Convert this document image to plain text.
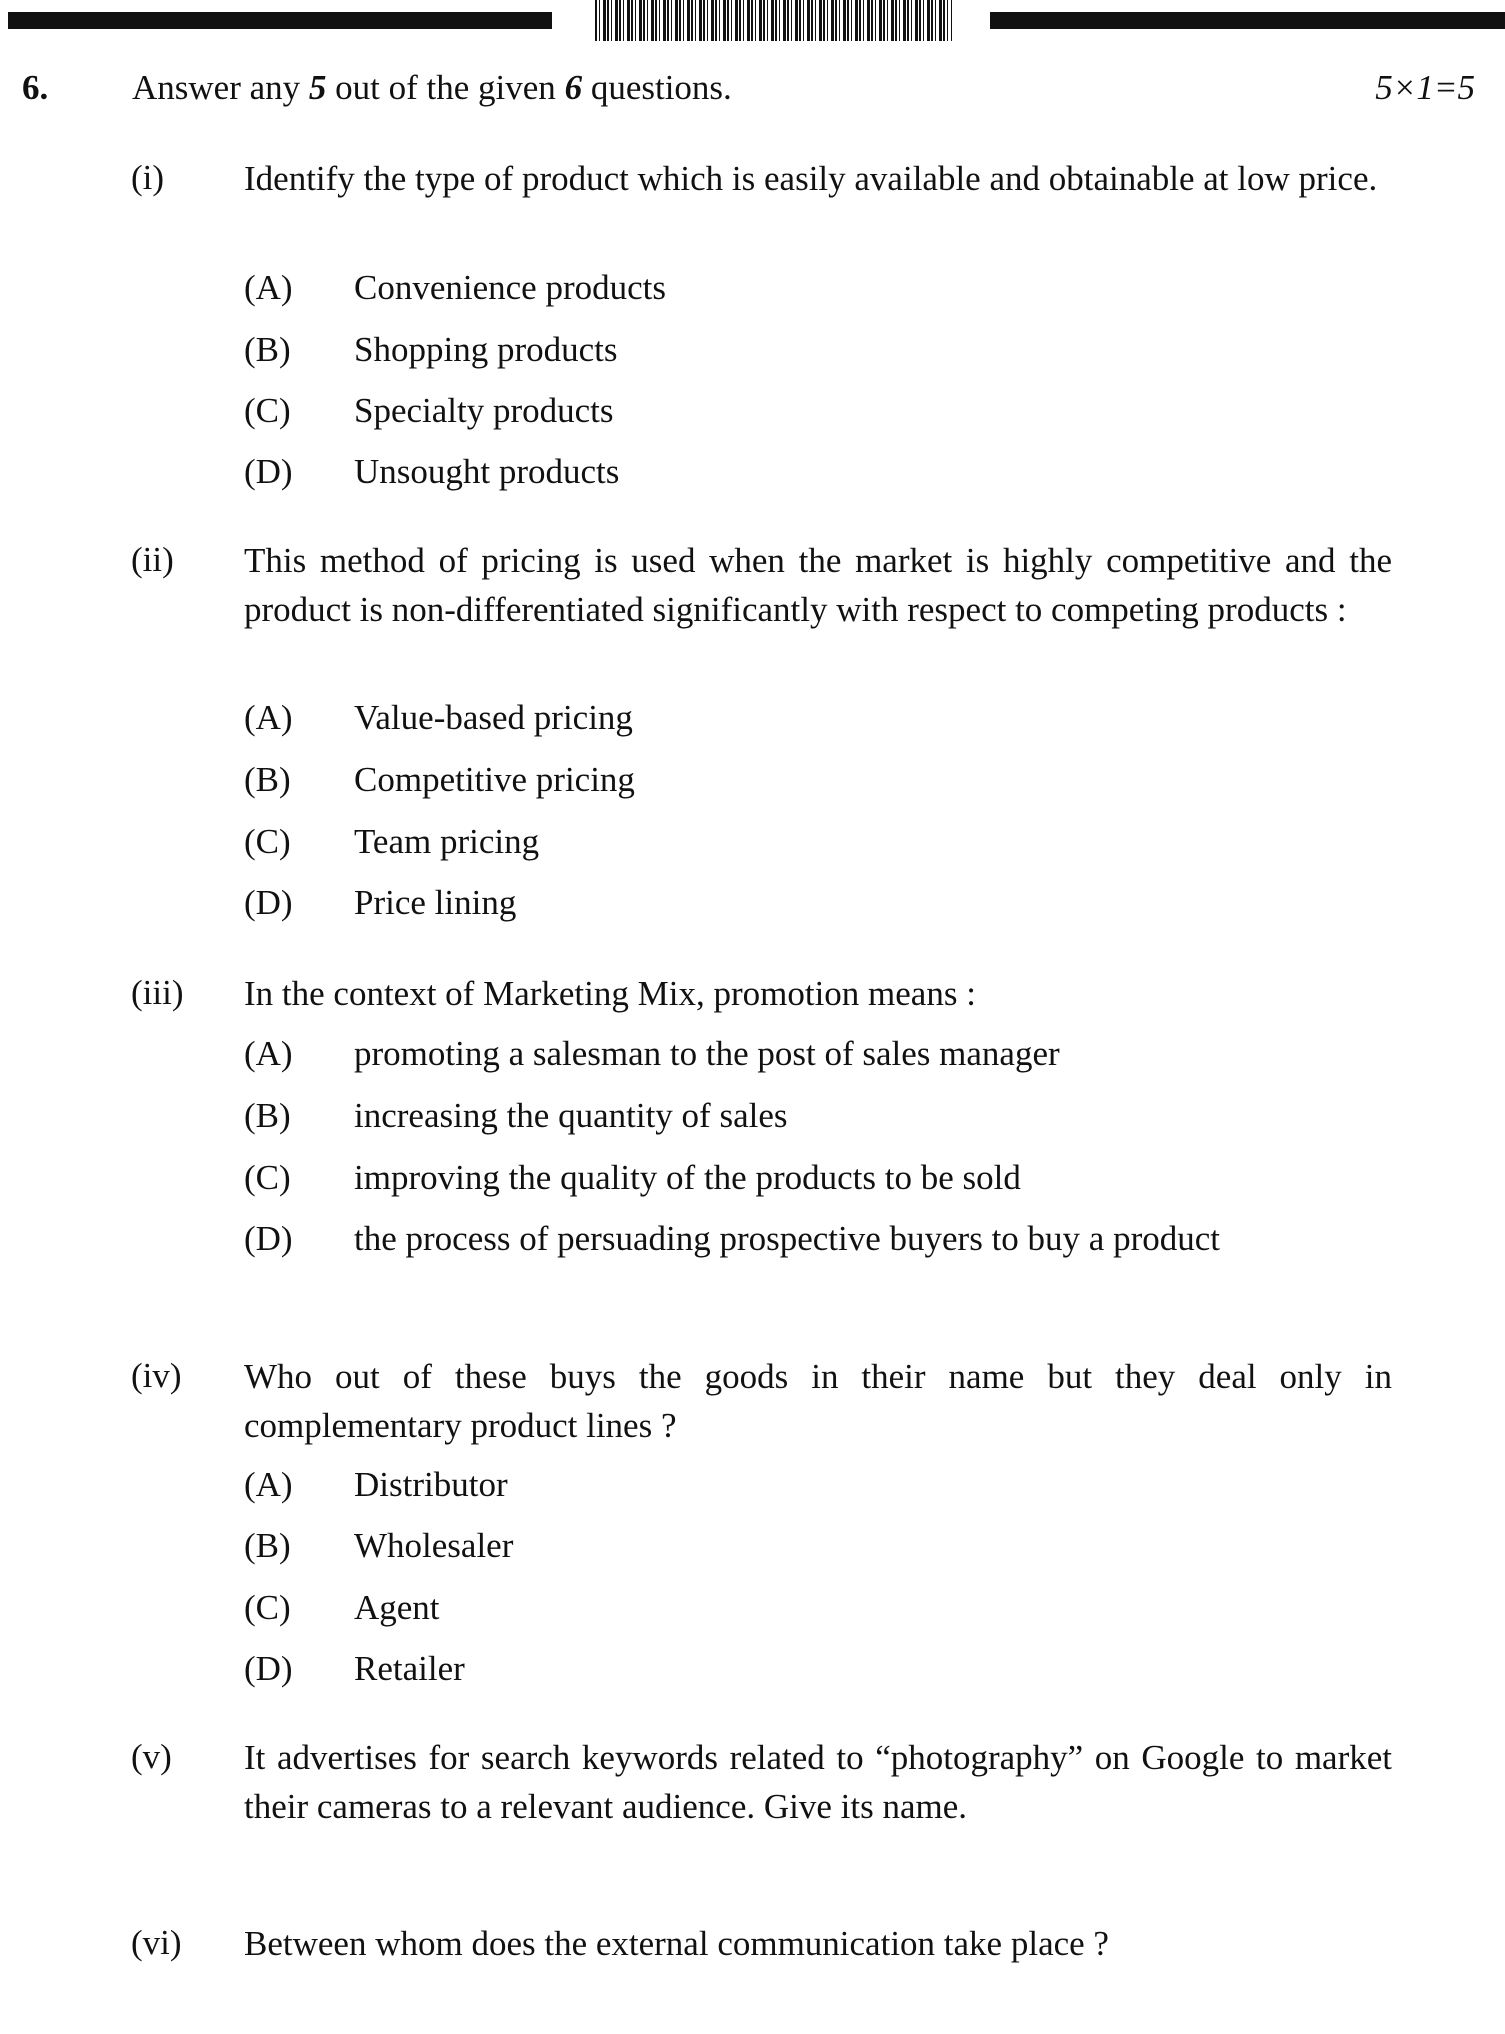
6. Answer any 5 out of the given 6 questions.	5×1=5
(i) Identify the type of product which is easily available and obtainable at low price.
(A) Convenience products
(B) Shopping products
(C) Specialty products
(D) Unsought products
(ii) This method of pricing is used when the market is highly competitive and the product is non-differentiated significantly with respect to competing products :
(A) Value-based pricing
(B) Competitive pricing
(C) Team pricing
(D) Price lining
(iii) In the context of Marketing Mix, promotion means :
(A) promoting a salesman to the post of sales manager
(B) increasing the quantity of sales
(C) improving the quality of the products to be sold
(D) the process of persuading prospective buyers to buy a product
(iv) Who out of these buys the goods in their name but they deal only in complementary product lines ?
(A) Distributor
(B) Wholesaler
(C) Agent
(D) Retailer
(v) It advertises for search keywords related to “photography” on Google to market their cameras to a relevant audience. Give its name.
(vi) Between whom does the external communication take place ?
